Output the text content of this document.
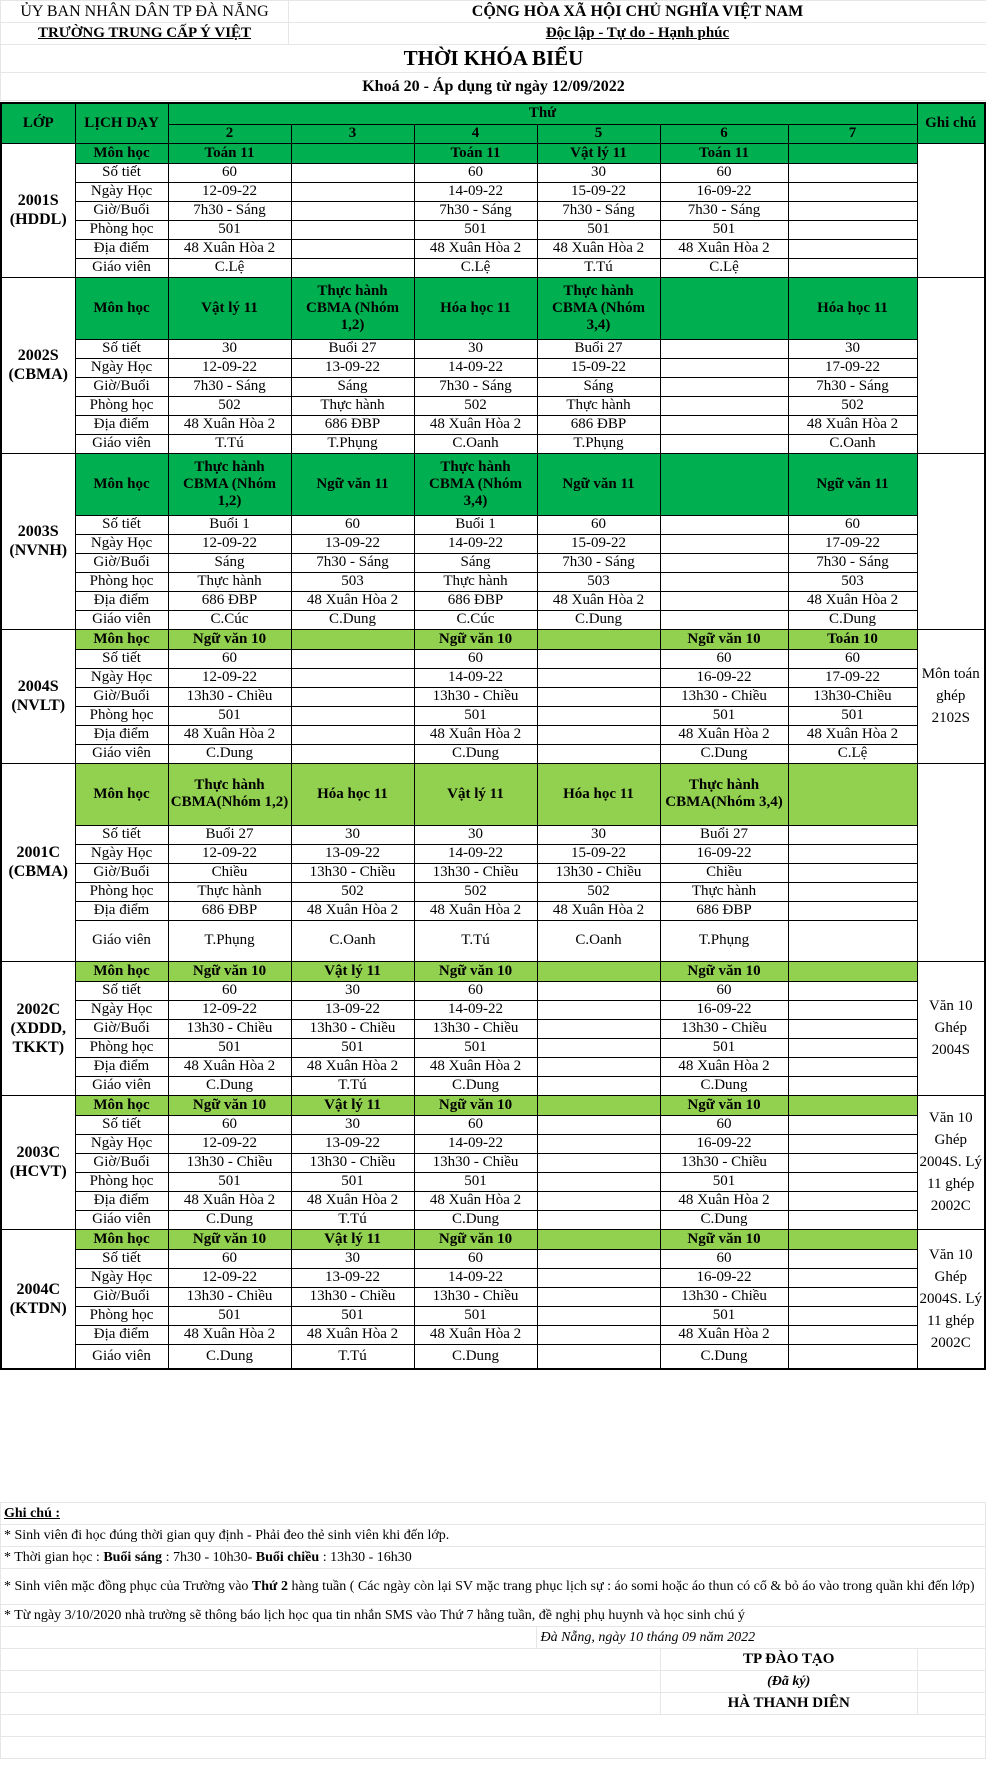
ỦY BAN NHÂN DÂN TP ĐÀ NẴNG	CỘNG HÒA XÃ HỘI CHỦ NGHĨA VIỆT NAM
TRƯỜNG TRUNG CẤP Ý VIỆT	Độc lập - Tự do - Hạnh phúc
THỜI KHÓA BIỂU	
Khoá 20 - Áp dụng từ ngày 12/09/2022	
LỚP	LỊCH DẠY	Thứ						Ghi chú
		2	3	4	5	6	7	
2001S
(HDDL)	Môn học	Toán 11		Toán 11	Vật lý 11	Toán 11		
	Số tiết	60		60	30	60		
	Ngày Học	12-09-22		14-09-22	15-09-22	16-09-22		
	Giờ/Buổi	7h30 - Sáng		7h30 - Sáng	7h30 - Sáng	7h30 - Sáng		
	Phòng học	501		501	501	501		
	Địa điểm	48 Xuân Hòa 2		48 Xuân Hòa 2	48 Xuân Hòa 2	48 Xuân Hòa 2		
	Giáo viên	C.Lệ		C.Lệ	T.Tú	C.Lệ		
2002S
(CBMA)	Môn học	Vật lý 11	Thực hành CBMA (Nhóm 1,2)	Hóa học 11	Thực hành CBMA (Nhóm 3,4)		Hóa học 11	
	Số tiết	30	Buổi 27	30	Buổi 27		30	
	Ngày Học	12-09-22	13-09-22	14-09-22	15-09-22		17-09-22	
	Giờ/Buổi	7h30 - Sáng	Sáng	7h30 - Sáng	Sáng		7h30 - Sáng	
	Phòng học	502	Thực hành	502	Thực hành		502	
	Địa điểm	48 Xuân Hòa 2	686 ĐBP	48 Xuân Hòa 2	686 ĐBP		48 Xuân Hòa 2	
	Giáo viên	T.Tú	T.Phụng	C.Oanh	T.Phụng		C.Oanh	
2003S
(NVNH)	Môn học	Thực hành CBMA (Nhóm 1,2)	Ngữ văn 11	Thực hành CBMA (Nhóm 3,4)	Ngữ văn 11		Ngữ văn 11	
	Số tiết	Buổi 1	60	Buổi 1	60		60	
	Ngày Học	12-09-22	13-09-22	14-09-22	15-09-22		17-09-22	
	Giờ/Buổi	Sáng	7h30 - Sáng	Sáng	7h30 - Sáng		7h30 - Sáng	
	Phòng học	Thực hành	503	Thực hành	503		503	
	Địa điểm	686 ĐBP	48 Xuân Hòa 2	686 ĐBP	48 Xuân Hòa 2		48 Xuân Hòa 2	
	Giáo viên	C.Cúc	C.Dung	C.Cúc	C.Dung		C.Dung	
2004S
(NVLT)	Môn học	Ngữ văn 10		Ngữ văn 10		Ngữ văn 10	Toán 10	Môn toán ghép 2102S
	Số tiết	60		60		60	60	
	Ngày Học	12-09-22		14-09-22		16-09-22	17-09-22	
	Giờ/Buổi	13h30 - Chiều		13h30 - Chiều		13h30 - Chiều	13h30-Chiều	
	Phòng học	501		501		501	501	
	Địa điểm	48 Xuân Hòa 2		48 Xuân Hòa 2		48 Xuân Hòa 2	48 Xuân Hòa 2	
	Giáo viên	C.Dung		C.Dung		C.Dung	C.Lệ	
2001C
(CBMA)	Môn học	Thực hành CBMA(Nhóm 1,2)	Hóa học 11	Vật lý 11	Hóa học 11	Thực hành CBMA(Nhóm 3,4)		
	Số tiết	Buổi 27	30	30	30	Buổi 27		
	Ngày Học	12-09-22	13-09-22	14-09-22	15-09-22	16-09-22		
	Giờ/Buổi	Chiều	13h30 - Chiều	13h30 - Chiều	13h30 - Chiều	Chiều		
	Phòng học	Thực hành	502	502	502	Thực hành		
	Địa điểm	686 ĐBP	48 Xuân Hòa 2	48 Xuân Hòa 2	48 Xuân Hòa 2	686 ĐBP		
	Giáo viên	T.Phụng	C.Oanh	T.Tú	C.Oanh	T.Phụng		
2002C
(XDDD,
TKKT)	Môn học	Ngữ văn 10	Vật lý 11	Ngữ văn 10		Ngữ văn 10		Văn 10 Ghép 2004S
	Số tiết	60	30	60		60		
	Ngày Học	12-09-22	13-09-22	14-09-22		16-09-22		
	Giờ/Buổi	13h30 - Chiều	13h30 - Chiều	13h30 - Chiều		13h30 - Chiều		
	Phòng học	501	501	501		501		
	Địa điểm	48 Xuân Hòa 2	48 Xuân Hòa 2	48 Xuân Hòa 2		48 Xuân Hòa 2		
	Giáo viên	C.Dung	T.Tú	C.Dung		C.Dung		
2003C
(HCVT)	Môn học	Ngữ văn 10	Vật lý 11	Ngữ văn 10		Ngữ văn 10		Văn 10 Ghép 2004S. Lý 11 ghép 2002C
	Số tiết	60	30	60		60		
	Ngày Học	12-09-22	13-09-22	14-09-22		16-09-22		
	Giờ/Buổi	13h30 - Chiều	13h30 - Chiều	13h30 - Chiều		13h30 - Chiều		
	Phòng học	501	501	501		501		
	Địa điểm	48 Xuân Hòa 2	48 Xuân Hòa 2	48 Xuân Hòa 2		48 Xuân Hòa 2		
	Giáo viên	C.Dung	T.Tú	C.Dung		C.Dung		
2004C
(KTDN)	Môn học	Ngữ văn 10	Vật lý 11	Ngữ văn 10		Ngữ văn 10		Văn 10 Ghép 2004S. Lý 11 ghép 2002C
	Số tiết	60	30	60		60		
	Ngày Học	12-09-22	13-09-22	14-09-22		16-09-22		
	Giờ/Buổi	13h30 - Chiều	13h30 - Chiều	13h30 - Chiều		13h30 - Chiều		
	Phòng học	501	501	501		501		
	Địa điểm	48 Xuân Hòa 2	48 Xuân Hòa 2	48 Xuân Hòa 2		48 Xuân Hòa 2		
	Giáo viên	C.Dung	T.Tú	C.Dung		C.Dung		
Ghi chú :			
* Sinh viên đi học đúng thời gian quy định - Phải đeo thẻ sinh viên khi đến lớp.			
* Thời gian học : Buổi sáng : 7h30 - 10h30- Buổi chiều : 13h30 - 16h30			
* Sinh viên mặc đồng phục của Trường vào Thứ 2 hàng tuần ( Các ngày còn lại SV mặc trang phục lịch sự : áo somi hoặc áo thun có cổ & bỏ áo vào trong quần khi đến lớp)			
* Từ ngày 3/10/2020 nhà trường sẽ thông báo lịch học qua tin nhắn SMS vào Thứ 7 hằng tuần, đề nghị phụ huynh và học sinh chú ý			
	Đà Nẵng, ngày 10 tháng 09 năm 2022		
		TP ĐÀO TẠO	
		(Đã ký)	
		HÀ THANH DIÊN	
